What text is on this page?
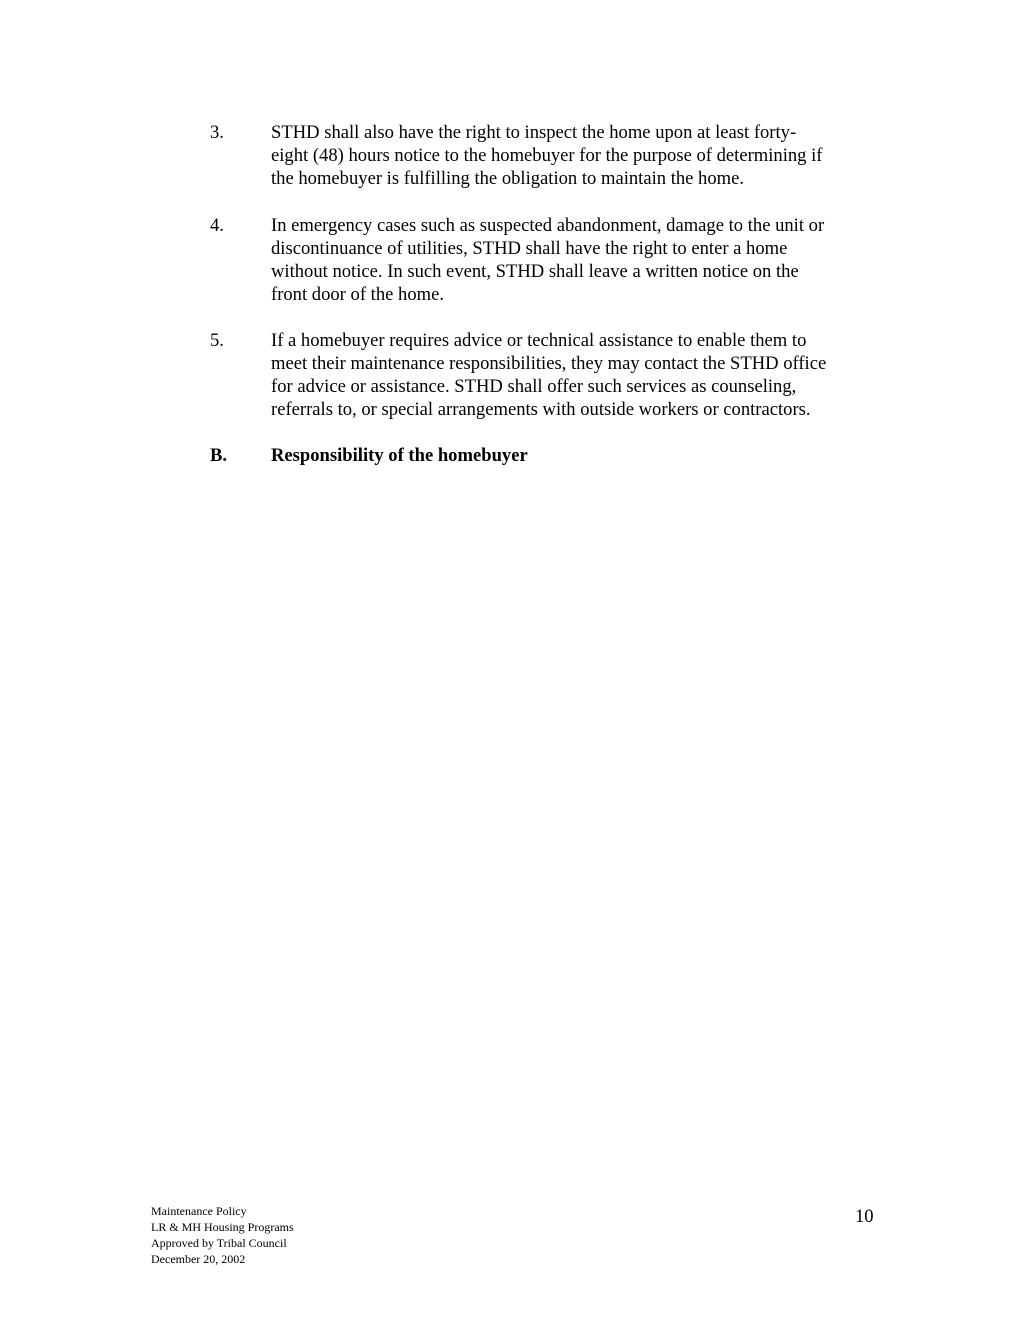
3.	STHD shall also have the right to inspect the home upon at least forty-
eight (48) hours notice to the homebuyer for the purpose of determining if
the homebuyer is fulfilling the obligation to maintain the home.
4.	In emergency cases such as suspected abandonment, damage to the unit or
discontinuance of utilities, STHD shall have the right to enter a home
without notice. In such event, STHD shall leave a written notice on the
front door of the home.
5.	If a homebuyer requires advice or technical assistance to enable them to
meet their maintenance responsibilities, they may contact the STHD office
for advice or assistance. STHD shall offer such services as counseling,
referrals to, or special arrangements with outside workers or contractors.
B.	Responsibility of the homebuyer
Maintenance Policy
LR & MH Housing Programs
Approved by Tribal Council
December 20, 2002
10
